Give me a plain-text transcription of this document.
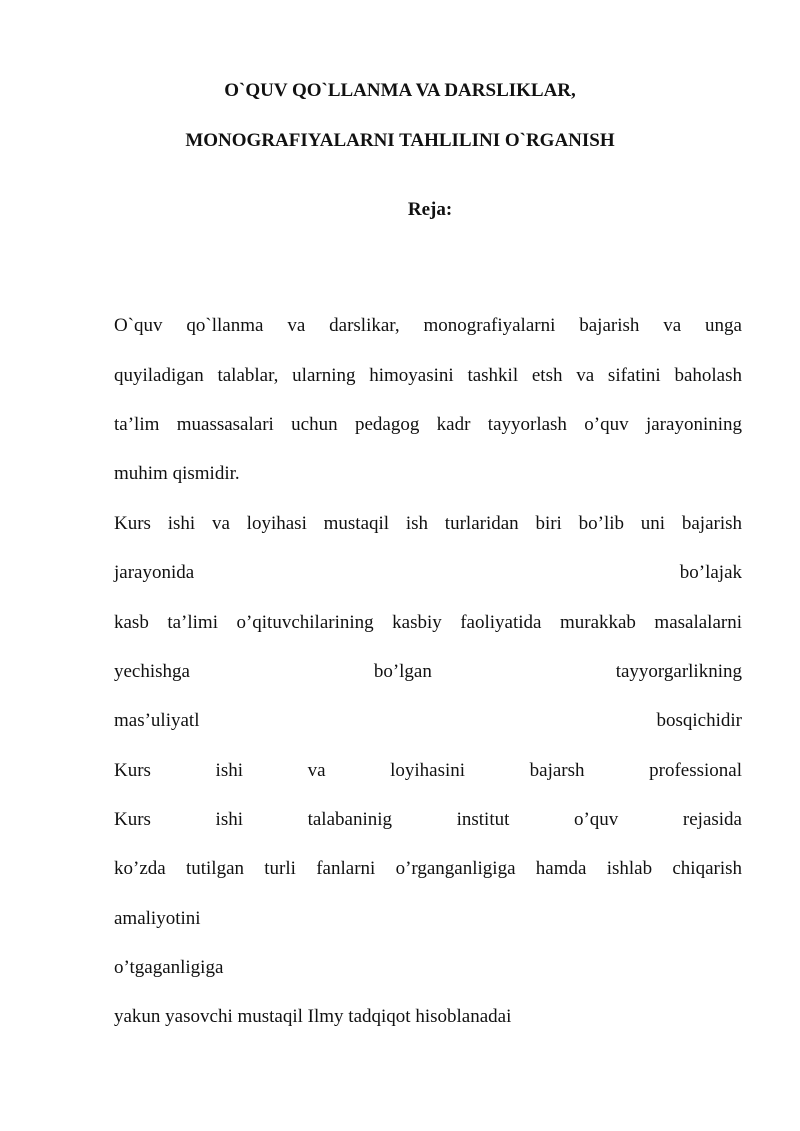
O`QUV QO`LLANMA VA DARSLIKLAR,
MONOGRAFIYALARNI TAHLILINI O`RGANISH
Reja:
O`quv qo`llanma va darslikar, monografiyalarni bajarish va unga
quyiladigan talablar, ularning himoyasini tashkil etsh va sifatini baholash
ta’lim muassasalari uchun pedagog kadr tayyorlash o’quv jarayonining
muhim qismidir.
Kurs ishi va loyihasi mustaqil ish turlaridan biri bo’lib uni bajarish
jarayonida bo’lajak
kasb ta’limi o’qituvchilarining kasbiy faoliyatida murakkab masalalarni
yechishga bo’lgan tayyorgarlikning
mas’uliyatl bosqichidir
Kurs ishi va loyihasini bajarsh professional
Kurs ishi talabaninig institut o’quv rejasida
ko’zda tutilgan turli fanlarni o’rganganligiga hamda ishlab chiqarish
amaliyotini
o’tgaganligiga
yakun yasovchi mustaqil Ilmy tadqiqot hisoblanadai
